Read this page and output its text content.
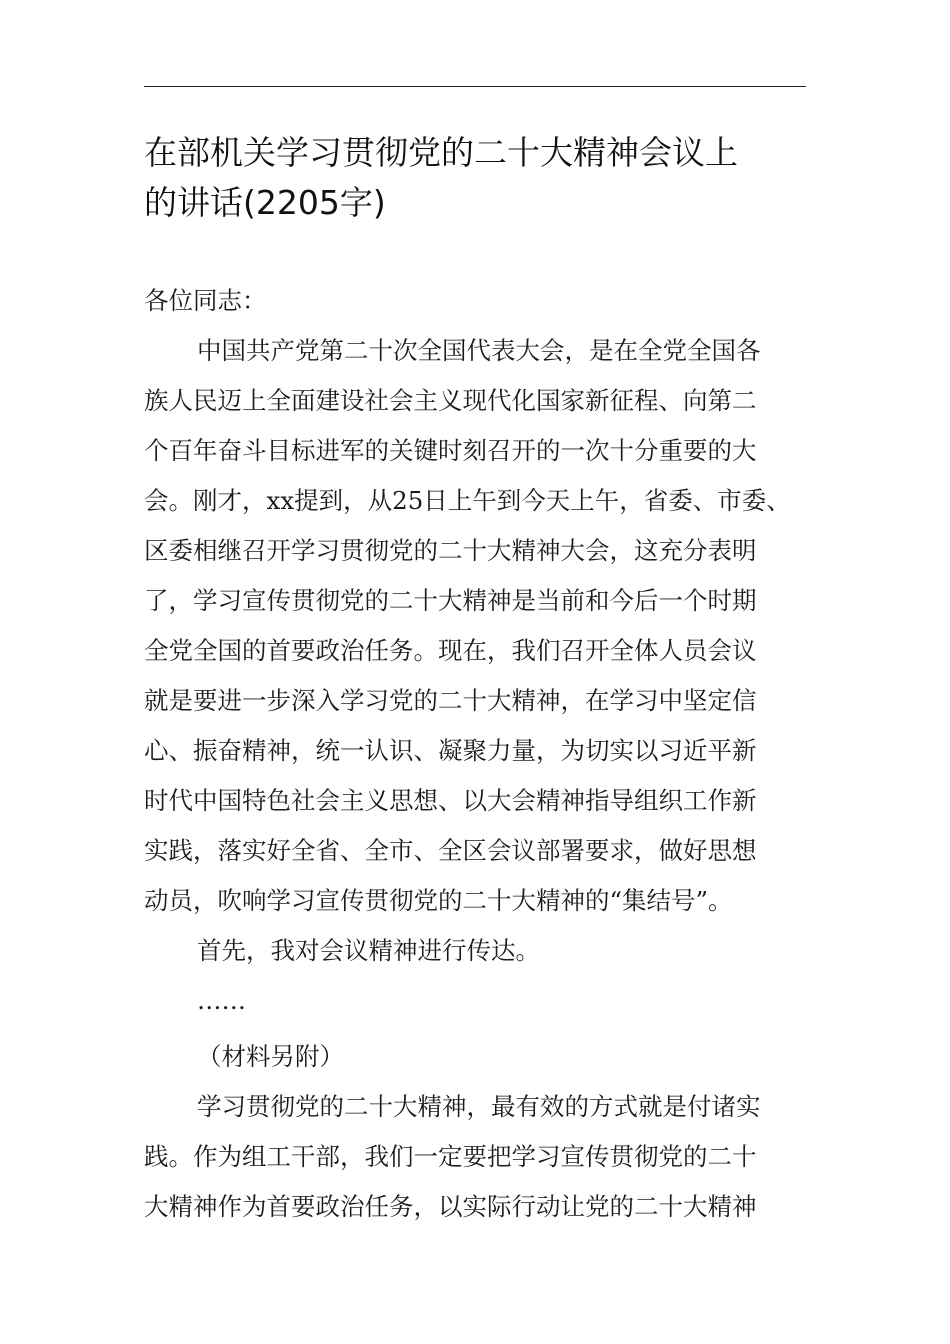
在部机关学习贯彻党的二十大精神会议上
的讲话(2205字)

各位同志：

中国共产党第二十次全国代表大会，是在全党全国各
族人民迈上全面建设社会主义现代化国家新征程、向第二
个百年奋斗目标进军的关键时刻召开的一次十分重要的大
会。刚才，xx提到，从25日上午到今天上午，省委、市委、
区委相继召开学习贯彻党的二十大精神大会，这充分表明
了，学习宣传贯彻党的二十大精神是当前和今后一个时期
全党全国的首要政治任务。现在，我们召开全体人员会议
就是要进一步深入学习党的二十大精神，在学习中坚定信
心、振奋精神，统一认识、凝聚力量，为切实以习近平新
时代中国特色社会主义思想、以大会精神指导组织工作新
实践，落实好全省、全市、全区会议部署要求，做好思想
动员，吹响学习宣传贯彻党的二十大精神的“集结号”。

首先，我对会议精神进行传达。

……

（材料另附）

学习贯彻党的二十大精神，最有效的方式就是付诸实
践。作为组工干部，我们一定要把学习宣传贯彻党的二十
大精神作为首要政治任务，以实际行动让党的二十大精神
